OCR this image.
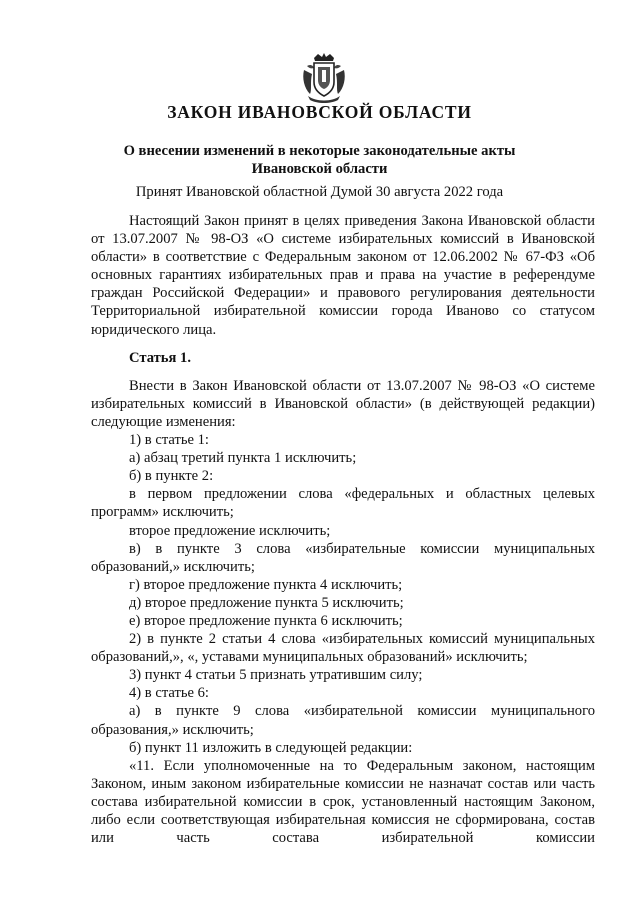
ЗАКОН ИВАНОВСКОЙ ОБЛАСТИ
О внесении изменений в некоторые законодательные акты
Ивановской области
Принят Ивановской областной Думой 30 августа 2022 года

Настоящий Закон принят в целях приведения Закона Ивановской области от 13.07.2007 № 98-ОЗ «О системе избирательных комиссий в Ивановской области» в соответствие с Федеральным законом от 12.06.2002 № 67-ФЗ «Об основных гарантиях избирательных прав и права на участие в референдуме граждан Российской Федерации» и правового регулирования деятельности Территориальной избирательной комиссии города Иваново со статусом юридического лица.

Статья 1.

Внести в Закон Ивановской области от 13.07.2007 № 98-ОЗ «О системе избирательных комиссий в Ивановской области» (в действующей редакции) следующие изменения:

1) в статье 1:

а) абзац третий пункта 1 исключить;

б) в пункте 2:

в первом предложении слова «федеральных и областных целевых программ» исключить;

второе предложение исключить;

в) в пункте 3 слова «избирательные комиссии муниципальных образований,» исключить;

г) второе предложение пункта 4 исключить;

д) второе предложение пункта 5 исключить;

е) второе предложение пункта 6 исключить;

2) в пункте 2 статьи 4 слова «избирательных комиссий муниципальных образований,», «, уставами муниципальных образований» исключить;

3) пункт 4 статьи 5 признать утратившим силу;

4) в статье 6:

а) в пункте 9 слова «избирательной комиссии муниципального образования,» исключить;

б) пункт 11 изложить в следующей редакции:

«11. Если уполномоченные на то Федеральным законом, настоящим Законом, иным законом избирательные комиссии не назначат состав или часть состава избирательной комиссии в срок, установленный настоящим Законом, либо если соответствующая избирательная комиссия не сформирована, состав или часть состава избирательной комиссии
